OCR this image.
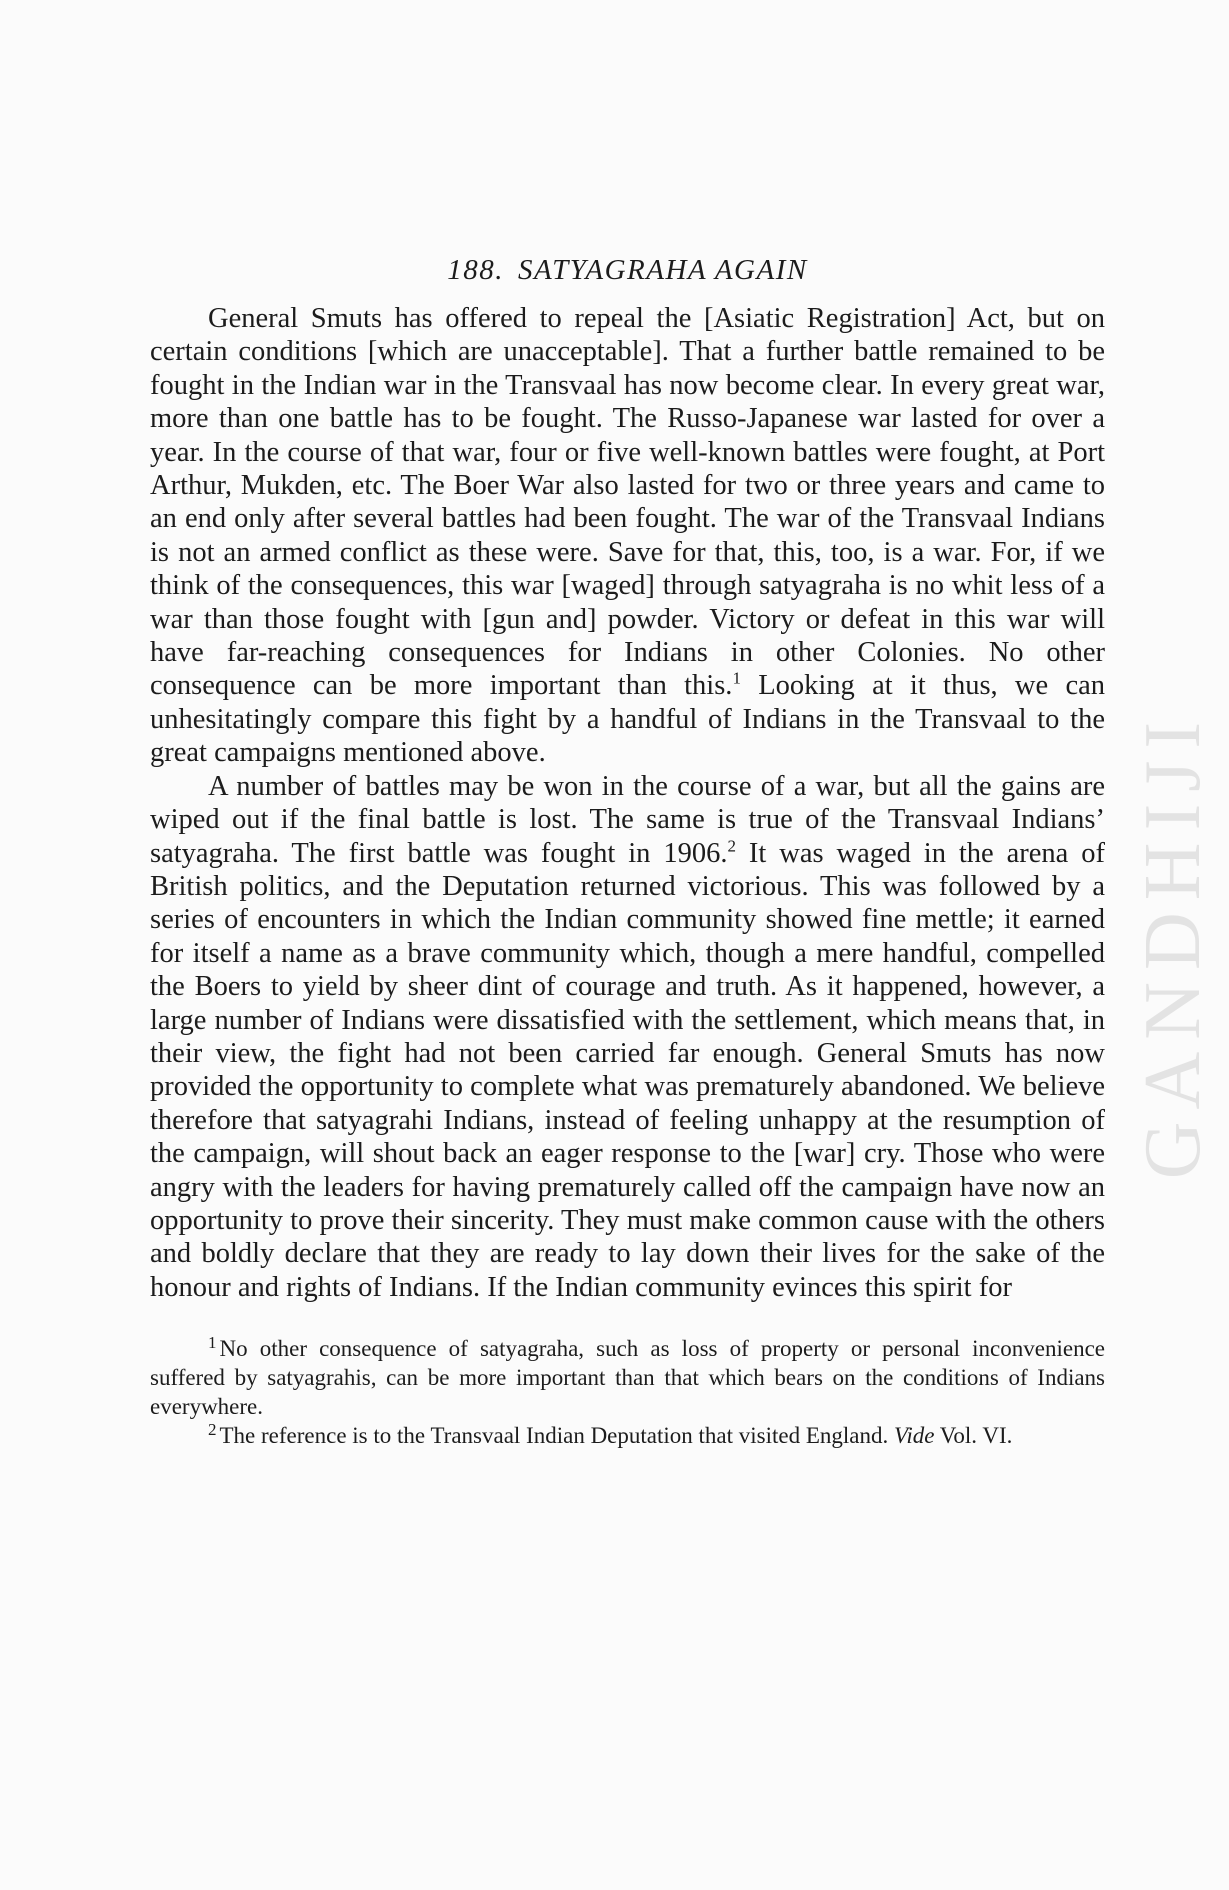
GANDHIJI
188. SATYAGRAHA AGAIN

General Smuts has offered to repeal the [Asiatic Registration] Act, but on certain conditions [which are unacceptable]. That a further battle remained to be fought in the Indian war in the Transvaal has now become clear. In every great war, more than one battle has to be fought. The Russo-Japanese war lasted for over a year. In the course of that war, four or five well-known battles were fought, at Port Arthur, Mukden, etc. The Boer War also lasted for two or three years and came to an end only after several battles had been fought. The war of the Transvaal Indians is not an armed conflict as these were. Save for that, this, too, is a war. For, if we think of the consequences, this war [waged] through satyagraha is no whit less of a war than those fought with [gun and] powder. Victory or defeat in this war will have far-reaching consequences for Indians in other Colonies. No other consequence can be more important than this.$^1$ Looking at it thus, we can unhesitatingly compare this fight by a handful of Indians in the Transvaal to the great campaigns mentioned above.

A number of battles may be won in the course of a war, but all the gains are wiped out if the final battle is lost. The same is true of the Transvaal Indians’ satyagraha. The first battle was fought in 1906.$^2$ It was waged in the arena of British politics, and the Deputation returned victorious. This was followed by a series of encounters in which the Indian community showed fine mettle; it earned for itself a name as a brave community which, though a mere handful, compelled the Boers to yield by sheer dint of courage and truth. As it happened, however, a large number of Indians were dissatisfied with the settlement, which means that, in their view, the fight had not been carried far enough. General Smuts has now provided the opportunity to complete what was prematurely abandoned. We believe therefore that satyagrahi Indians, instead of feeling unhappy at the resumption of the campaign, will shout back an eager response to the [war] cry. Those who were angry with the leaders for having prematurely called off the campaign have now an opportunity to prove their sincerity. They must make common cause with the others and boldly declare that they are ready to lay down their lives for the sake of the honour and rights of Indians. If the Indian community evinces this spirit for

$^1$ No other consequence of satyagraha, such as loss of property or personal inconvenience suffered by satyagrahis, can be more important than that which bears on the conditions of Indians everywhere.

$^2$ The reference is to the Transvaal Indian Deputation that visited England. Vide Vol. VI.
